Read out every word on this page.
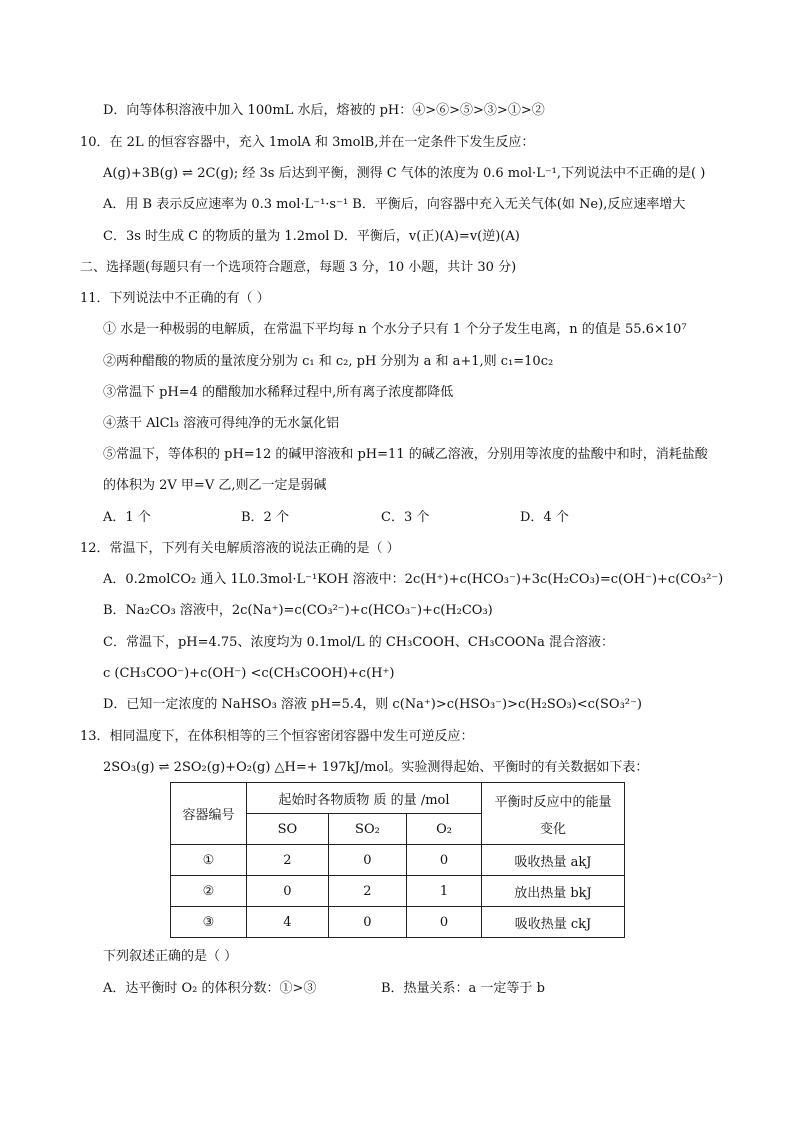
D．向等体积溶液中加入 100mL 水后，熔被的 pH：④>⑥>⑤>③>①>②
10．在 2L 的恒容容器中，充入 1molA 和 3molB,并在一定条件下发生反应：
A(g)+3B(g) ⇌ 2C(g); 经 3s 后达到平衡，测得 C 气体的浓度为 0.6 mol·L⁻¹,下列说法中不正确的是( )
A．用 B 表示反应速率为 0.3 mol·L⁻¹·s⁻¹ B．平衡后，向容器中充入无关气体(如 Ne),反应速率增大
C．3s 时生成 C 的物质的量为 1.2mol D．平衡后，v(正)(A)=v(逆)(A)
二、选择题(每题只有一个选项符合题意，每题 3 分，10 小题，共计 30 分)
11．下列说法中不正确的有（ ）
① 水是一种极弱的电解质，在常温下平均每 n 个水分子只有 1 个分子发生电离，n 的值是 55.6×10⁷
②两种醋酸的物质的量浓度分别为 c₁ 和 c₂, pH 分别为 a 和 a+1,则 c₁=10c₂
③常温下 pH=4 的醋酸加水稀释过程中,所有离子浓度都降低
④蒸干 AlCl₃ 溶液可得纯净的无水氯化铝
⑤常温下，等体积的 pH=12 的碱甲溶液和 pH=11 的碱乙溶液，分别用等浓度的盐酸中和时，消耗盐酸
的体积为 2V 甲=V 乙,则乙一定是弱碱
A．1 个	B．2 个	C．3 个	D．4 个
12．常温下，下列有关电解质溶液的说法正确的是（ ）
A．0.2molCO₂ 通入 1L0.3mol·L⁻¹KOH 溶液中：2c(H⁺)+c(HCO₃⁻)+3c(H₂CO₃)=c(OH⁻)+c(CO₃²⁻)
B．Na₂CO₃ 溶液中，2c(Na⁺)=c(CO₃²⁻)+c(HCO₃⁻)+c(H₂CO₃)
C．常温下，pH=4.75、浓度均为 0.1mol/L 的 CH₃COOH、CH₃COONa 混合溶液：
c (CH₃COO⁻)+c(OH⁻) <c(CH₃COOH)+c(H⁺)
D．已知一定浓度的 NaHSO₃ 溶液 pH=5.4，则 c(Na⁺)>c(HSO₃⁻)>c(H₂SO₃)<c(SO₃²⁻)
13．相同温度下，在体积相等的三个恒容密闭容器中发生可逆反应：
2SO₃(g) ⇌ 2SO₂(g)+O₂(g) △H=+ 197kJ/mol。实验测得起始、平衡时的有关数据如下表：
容器编号	起始时各物质物 质 的量 /mol			平衡时反应中的能量
变化

	SO	SO₂	O₂	
①	2	0	0	吸收热量 akJ
②	0	2	1	放出热量 bkJ
③	4	0	0	吸收热量 ckJ
下列叙述正确的是（ ）
A．达平衡时 O₂ 的体积分数：①>③	B．热量关系：a 一定等于 b
